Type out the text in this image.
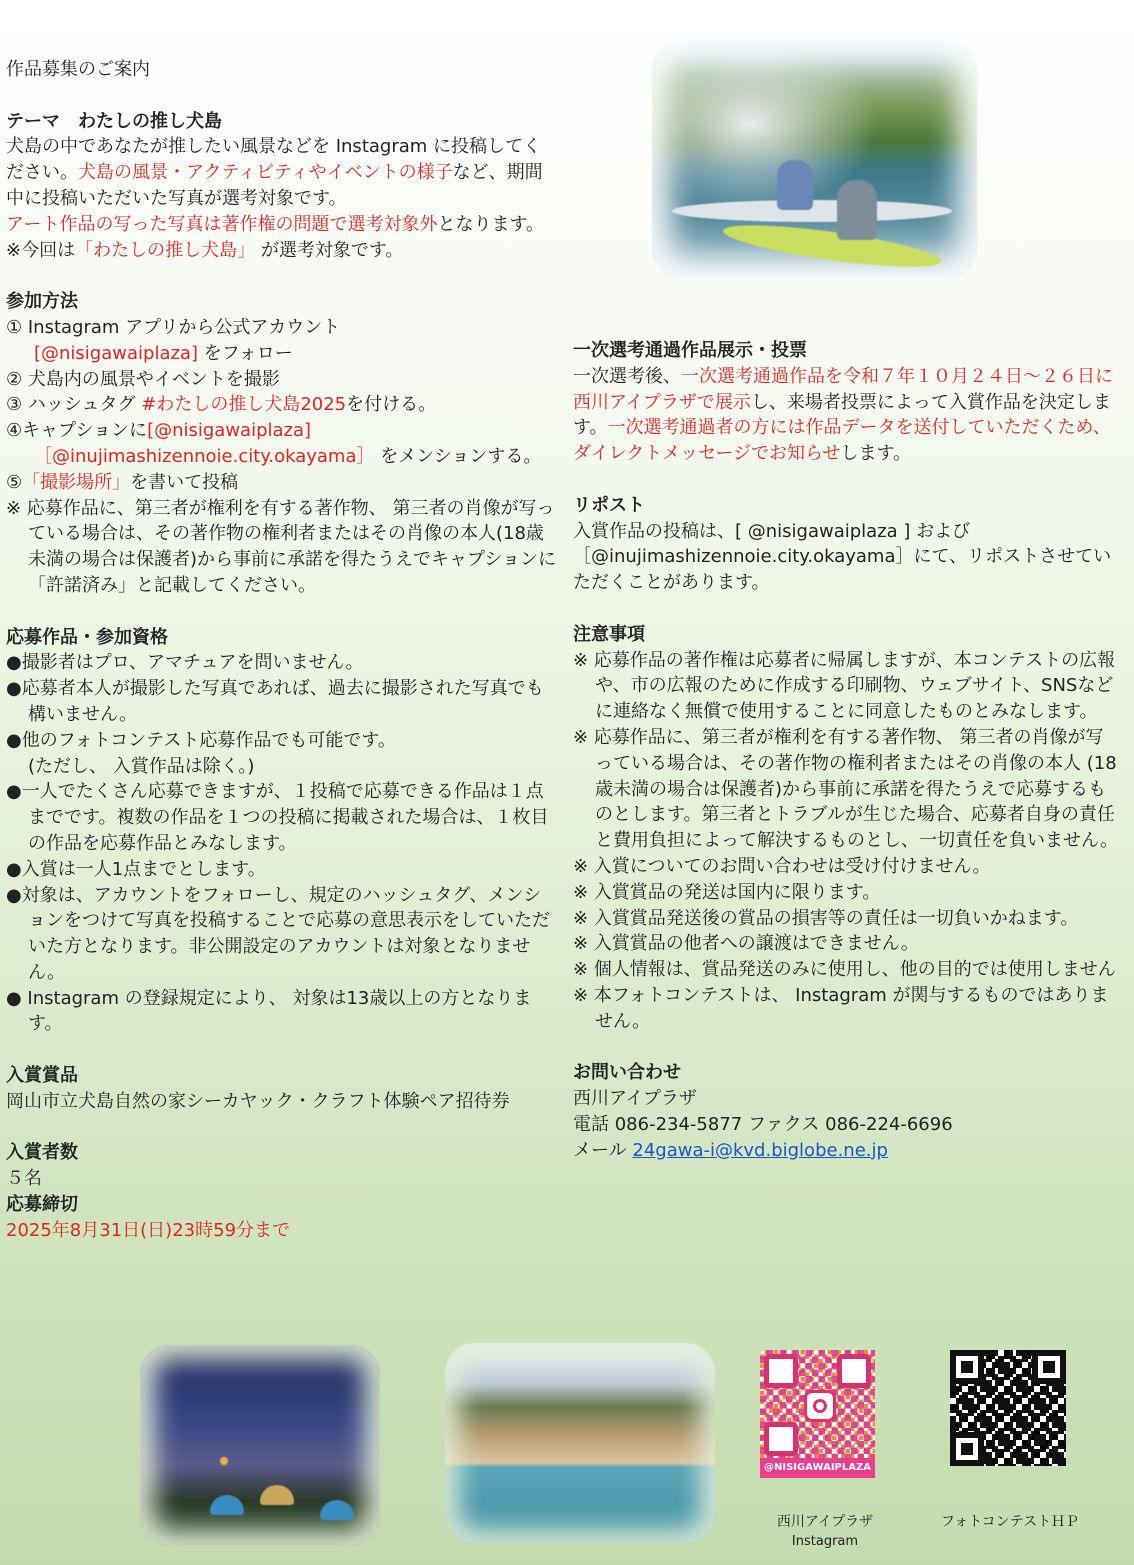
作品募集のご案内

テーマ　わたしの推し犬島

犬島の中であなたが推したい風景などを Instagram に投稿してください。犬島の風景・アクティビティやイベントの様子など、期間中に投稿いただいた写真が選考対象です。

アート作品の写った写真は著作権の問題で選考対象外となります。

※今回は「わたしの推し犬島」 が選考対象です。

参加方法

① Instagram アプリから公式アカウント

[@nisigawaiplaza] をフォロー

② 犬島内の風景やイベントを撮影

③ ハッシュタグ #わたしの推し犬島2025を付ける。

④キャプションに[@nisigawaiplaza]

［@inujimashizennoie.city.okayama］ をメンションする。

⑤「撮影場所」を書いて投稿

※ 応募作品に、第三者が権利を有する著作物、 第三者の肖像が写っている場合は、その著作物の権利者またはその肖像の本人(18歳未満の場合は保護者)から事前に承諾を得たうえでキャプションに「許諾済み」と記載してください。

応募作品・参加資格

●撮影者はプロ、アマチュアを問いません。

●応募者本人が撮影した写真であれば、過去に撮影された写真でも構いません。

●他のフォトコンテスト応募作品でも可能です。

(ただし、 入賞作品は除く。)

●一人でたくさん応募できますが、１投稿で応募できる作品は１点までです。複数の作品を１つの投稿に掲載された場合は、１枚目の作品を応募作品とみなします。

●入賞は一人1点までとします。

●対象は、アカウントをフォローし、規定のハッシュタグ、メンションをつけて写真を投稿することで応募の意思表示をしていただいた方となります。非公開設定のアカウントは対象となりません。

● Instagram の登録規定により、 対象は13歳以上の方となります。

入賞賞品

岡山市立犬島自然の家シーカヤック・クラフト体験ペア招待券

入賞者数

５名

応募締切

2025年8月31日(日)23時59分まで

一次選考通過作品展示・投票

一次選考後、一次選考通過作品を令和７年１０月２４日～２６日に西川アイプラザで展示し、来場者投票によって入賞作品を決定します。一次選考通過者の方には作品データを送付していただくため、ダイレクトメッセージでお知らせします。

リポスト

入賞作品の投稿は、[ @nisigawaiplaza ] および［@inujimashizennoie.city.okayama］にて、リポストさせていただくことがあります。

注意事項

※ 応募作品の著作権は応募者に帰属しますが、本コンテストの広報や、市の広報のために作成する印刷物、ウェブサイト、SNSなどに連絡なく無償で使用することに同意したものとみなします。

※ 応募作品に、第三者が権利を有する著作物、 第三者の肖像が写っている場合は、その著作物の権利者またはその肖像の本人 (18歳未満の場合は保護者)から事前に承諾を得たうえで応募するものとします。第三者とトラブルが生じた場合、応募者自身の責任と費用負担によって解決するものとし、一切責任を負いません。

※ 入賞についてのお問い合わせは受け付けません。

※ 入賞賞品の発送は国内に限ります。

※ 入賞賞品発送後の賞品の損害等の責任は一切負いかねます。

※ 入賞賞品の他者への譲渡はできません。

※ 個人情報は、賞品発送のみに使用し、他の目的では使用しません

※ 本フォトコンテストは、 Instagram が関与するものではありません。

お問い合わせ

西川アイプラザ

電話 086-234-5877 ファクス 086-224-6696

メール 24gawa-i@kvd.biglobe.ne.jp

@NISIGAWAIPLAZA
西川アイプラザ
Instagram
フォトコンテストＨＰ
